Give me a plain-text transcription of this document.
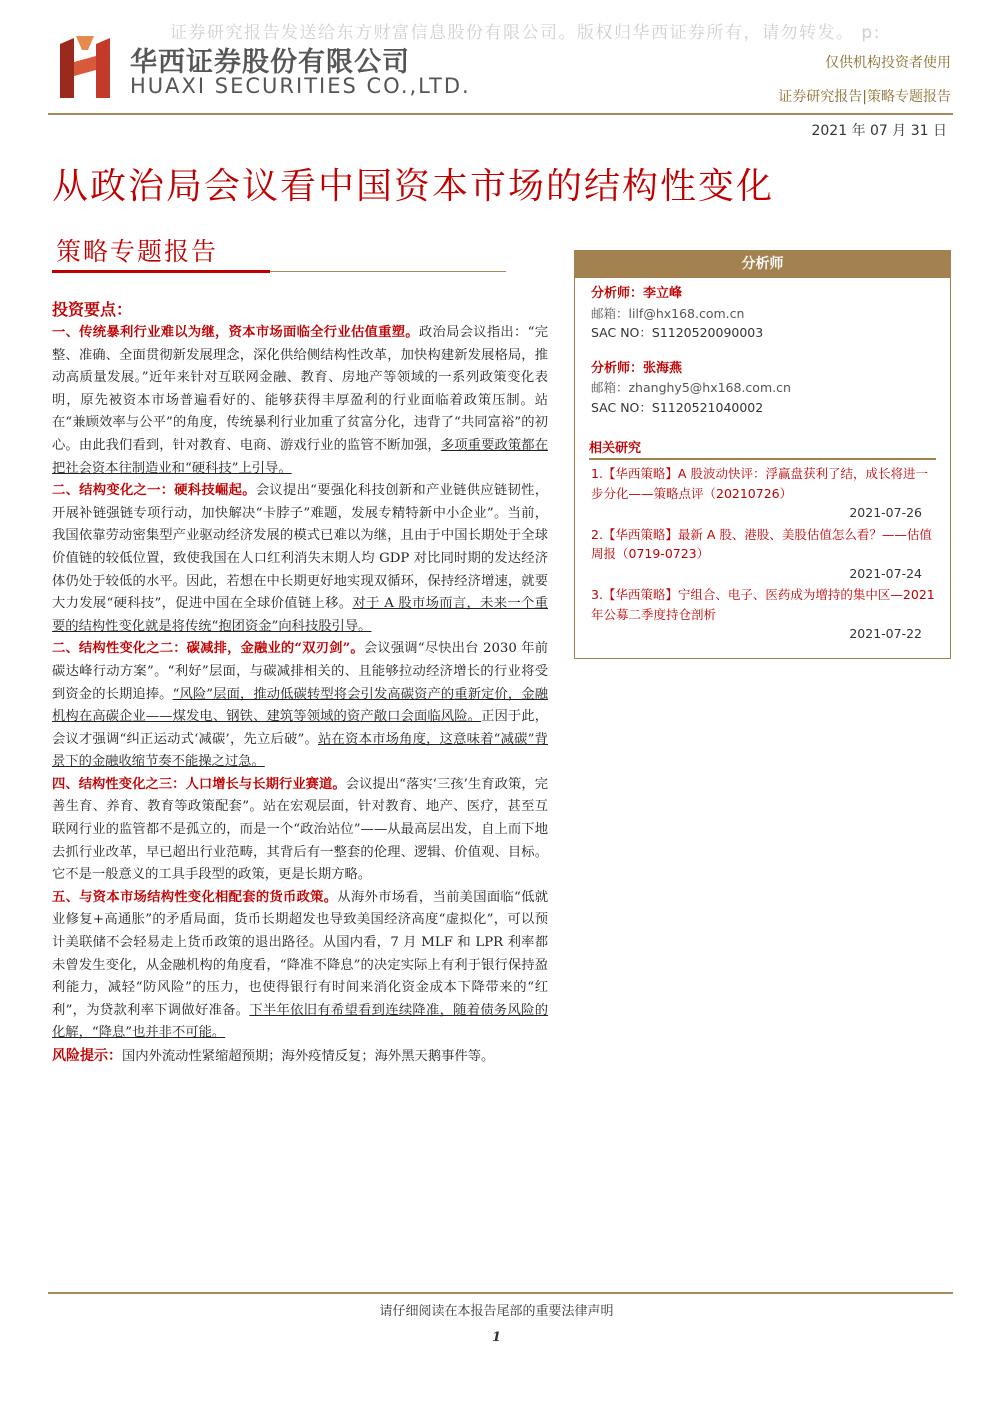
证券研究报告发送给东方财富信息股份有限公司。版权归华西证券所有，请勿转发。 p:
华西证券股份有限公司
HUAXI SECURITIES CO.,LTD.
仅供机构投资者使用
证券研究报告|策略专题报告
2021 年 07 月 31 日
从政治局会议看中国资本市场的结构性变化
策略专题报告
投资要点：

一、传统暴利行业难以为继，资本市场面临全行业估值重塑。政治局会议指出：“完整、准确、全面贯彻新发展理念，深化供给侧结构性改革，加快构建新发展格局，推动高质量发展。”近年来针对互联网金融、教育、房地产等领域的一系列政策变化表明，原先被资本市场普遍看好的、能够获得丰厚盈利的行业面临着政策压制。站在“兼顾效率与公平”的角度，传统暴利行业加重了贫富分化，违背了“共同富裕”的初心。由此我们看到，针对教育、电商、游戏行业的监管不断加强，多项重要政策都在把社会资本往制造业和“硬科技”上引导。

二、结构变化之一：硬科技崛起。会议提出“要强化科技创新和产业链供应链韧性，开展补链强链专项行动，加快解决“卡脖子”难题，发展专精特新中小企业”。当前，我国依靠劳动密集型产业驱动经济发展的模式已难以为继，且由于中国长期处于全球价值链的较低位置，致使我国在人口红利消失末期人均 GDP 对比同时期的发达经济体仍处于较低的水平。因此，若想在中长期更好地实现双循环，保持经济增速，就要大力发展“硬科技”，促进中国在全球价值链上移。对于 A 股市场而言，未来一个重要的结构性变化就是将传统“抱团资金”向科技股引导。

二、结构性变化之二：碳减排，金融业的“双刃剑”。会议强调“尽快出台 2030 年前碳达峰行动方案”。“利好”层面，与碳减排相关的、且能够拉动经济增长的行业将受到资金的长期追捧。“风险”层面，推动低碳转型将会引发高碳资产的重新定价，金融机构在高碳企业——煤发电、钢铁、建筑等领域的资产敞口会面临风险。正因于此，会议才强调“纠正运动式‘减碳’，先立后破”。站在资本市场角度，这意味着“减碳”背景下的金融收缩节奏不能操之过急。

四、结构性变化之三：人口增长与长期行业赛道。会议提出“落实‘三孩’生育政策，完善生育、养育、教育等政策配套”。站在宏观层面，针对教育、地产、医疗，甚至互联网行业的监管都不是孤立的，而是一个“政治站位”——从最高层出发，自上而下地去抓行业改革，早已超出行业范畴，其背后有一整套的伦理、逻辑、价值观、目标。它不是一般意义的工具手段型的政策，更是长期方略。

五、与资本市场结构性变化相配套的货币政策。从海外市场看，当前美国面临“低就业修复+高通胀”的矛盾局面，货币长期超发也导致美国经济高度“虚拟化”，可以预计美联储不会轻易走上货币政策的退出路径。从国内看，7 月 MLF 和 LPR 利率都未曾发生变化，从金融机构的角度看，“降准不降息”的决定实际上有利于银行保持盈利能力，减轻“防风险”的压力，也使得银行有时间来消化资金成本下降带来的“红利”，为贷款利率下调做好准备。下半年依旧有希望看到连续降准，随着债务风险的化解，“降息”也并非不可能。

风险提示：国内外流动性紧缩超预期；海外疫情反复；海外黑天鹅事件等。

分析师
分析师：李立峰
邮箱：lilf@hx168.com.cn
SAC NO：S1120520090003
分析师：张海燕
邮箱：zhanghy5@hx168.com.cn
SAC NO：S1120521040002
相关研究
1.【华西策略】A 股波动快评：浮赢盘获利了结，成长将进一步分化——策略点评（20210726）
2021-07-26
2.【华西策略】最新 A 股、港股、美股估值怎么看？——估值周报（0719-0723）
2021-07-24
3.【华西策略】宁组合、电子、医药成为增持的集中区—2021 年公募二季度持仓剖析
2021-07-22
请仔细阅读在本报告尾部的重要法律声明
1
